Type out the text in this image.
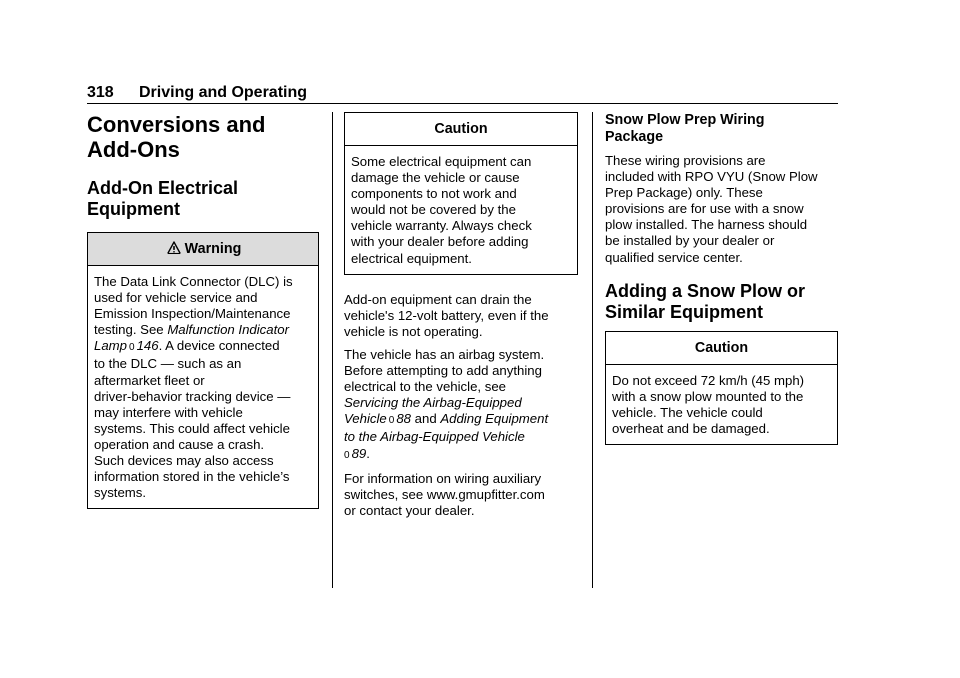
318 Driving and Operating
Conversions and
Add-Ons
Add-On Electrical
Equipment
Warning

The Data Link Connector (DLC) is
used for vehicle service and
Emission Inspection/Maintenance
testing. See Malfunction Indicator
Lamp 0 146. A device connected
to the DLC — such as an
aftermarket fleet or
driver-behavior tracking device —
may interfere with vehicle
systems. This could affect vehicle
operation and cause a crash.
Such devices may also access
information stored in the vehicle’s
systems.

Caution

Some electrical equipment can
damage the vehicle or cause
components to not work and
would not be covered by the
vehicle warranty. Always check
with your dealer before adding
electrical equipment.

Add-on equipment can drain the
vehicle's 12-volt battery, even if the
vehicle is not operating.

The vehicle has an airbag system.
Before attempting to add anything
electrical to the vehicle, see
Servicing the Airbag-Equipped
Vehicle 0 88 and Adding Equipment
to the Airbag-Equipped Vehicle
0 89.

For information on wiring auxiliary
switches, see www.gmupfitter.com
or contact your dealer.

Snow Plow Prep Wiring
Package

These wiring provisions are
included with RPO VYU (Snow Plow
Prep Package) only. These
provisions are for use with a snow
plow installed. The harness should
be installed by your dealer or
qualified service center.

Adding a Snow Plow or
Similar Equipment
Caution

Do not exceed 72 km/h (45 mph)
with a snow plow mounted to the
vehicle. The vehicle could
overheat and be damaged.
